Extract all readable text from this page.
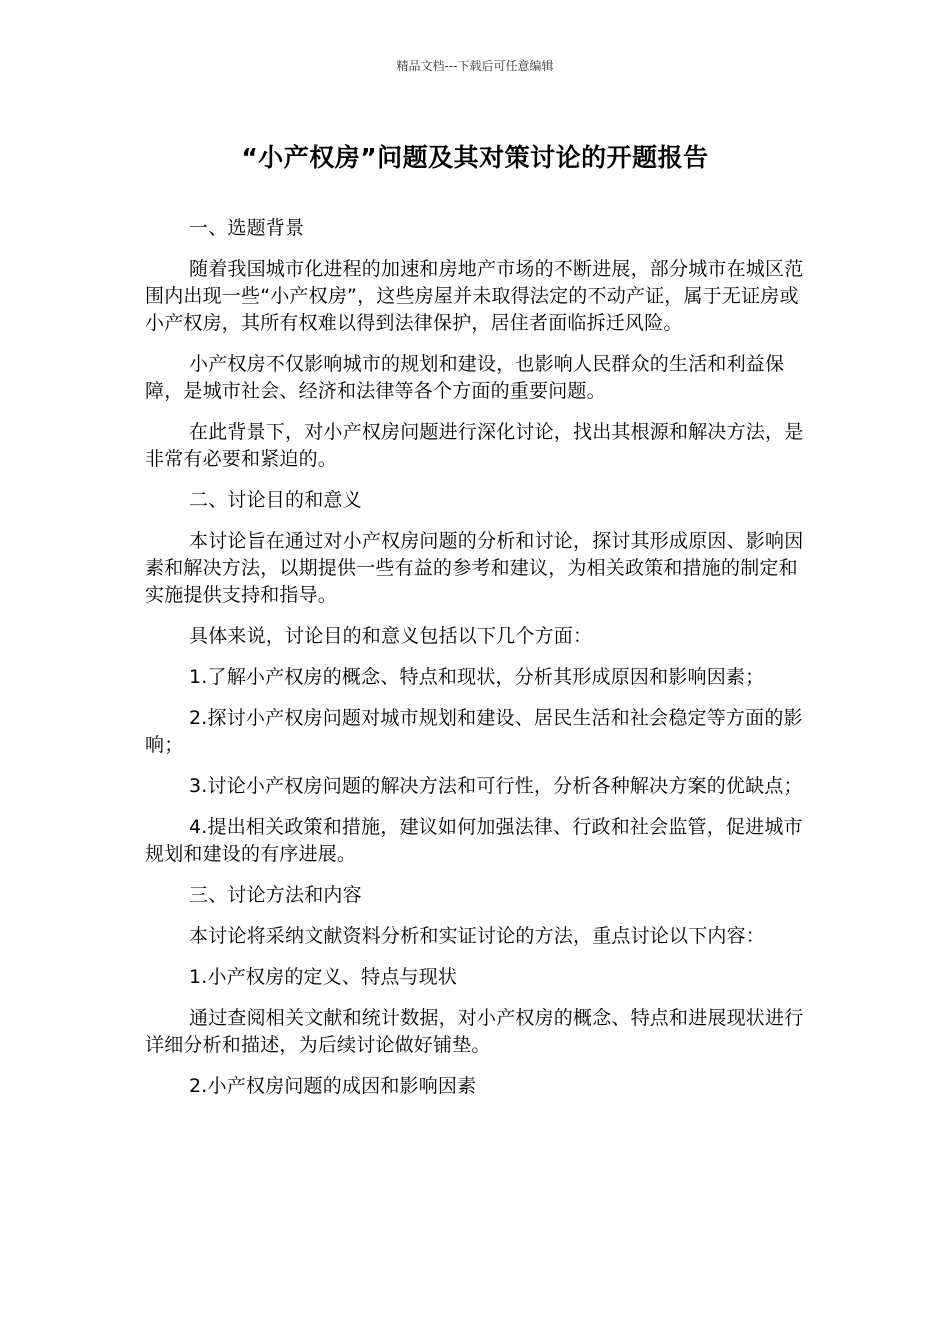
精品文档---下载后可任意编辑
“小产权房”问题及其对策讨论的开题报告

一、选题背景

随着我国城市化进程的加速和房地产市场的不断进展，部分城市在城区范围内出现一些“小产权房”，这些房屋并未取得法定的不动产证，属于无证房或小产权房，其所有权难以得到法律保护，居住者面临拆迁风险。

小产权房不仅影响城市的规划和建设，也影响人民群众的生活和利益保障，是城市社会、经济和法律等各个方面的重要问题。

在此背景下，对小产权房问题进行深化讨论，找出其根源和解决方法，是非常有必要和紧迫的。

二、讨论目的和意义

本讨论旨在通过对小产权房问题的分析和讨论，探讨其形成原因、影响因素和解决方法，以期提供一些有益的参考和建议，为相关政策和措施的制定和实施提供支持和指导。

具体来说，讨论目的和意义包括以下几个方面：

1.了解小产权房的概念、特点和现状，分析其形成原因和影响因素；

2.探讨小产权房问题对城市规划和建设、居民生活和社会稳定等方面的影响；

3.讨论小产权房问题的解决方法和可行性，分析各种解决方案的优缺点；

4.提出相关政策和措施，建议如何加强法律、行政和社会监管，促进城市规划和建设的有序进展。

三、讨论方法和内容

本讨论将采纳文献资料分析和实证讨论的方法，重点讨论以下内容：

1.小产权房的定义、特点与现状

通过查阅相关文献和统计数据，对小产权房的概念、特点和进展现状进行详细分析和描述，为后续讨论做好铺垫。

2.小产权房问题的成因和影响因素
